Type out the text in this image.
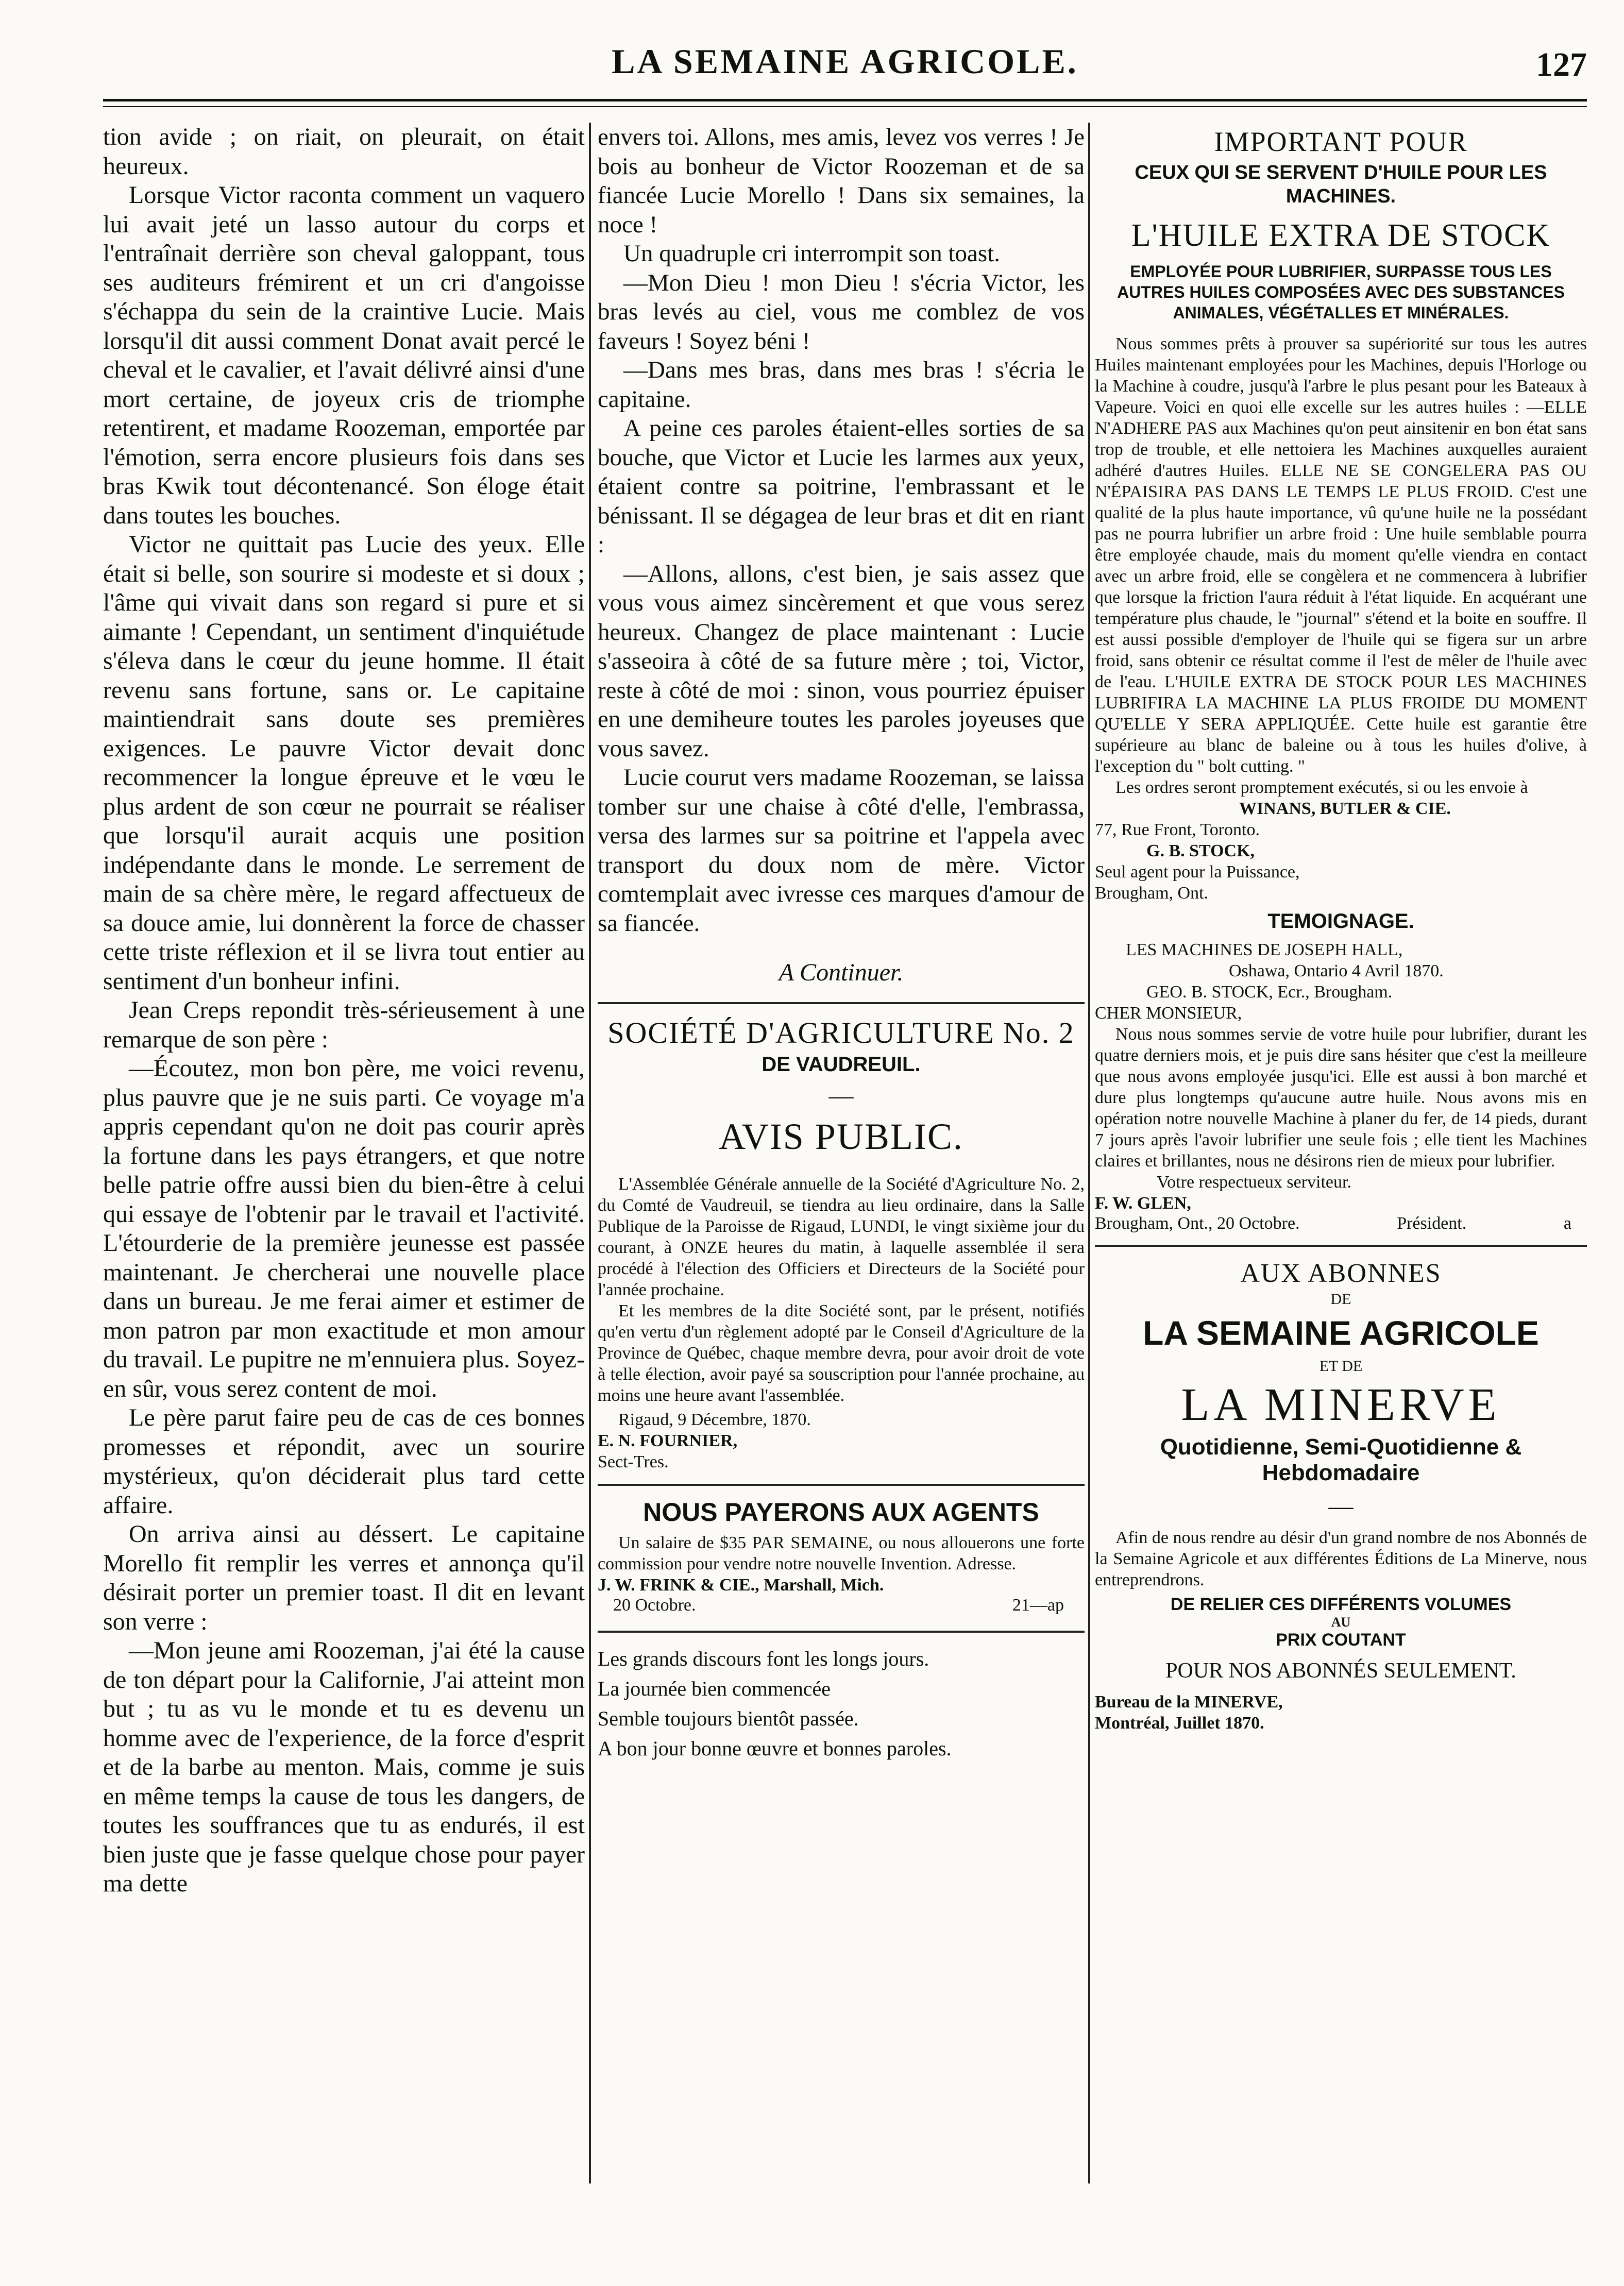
LA SEMAINE AGRICOLE.	127

tion avide ; on riait, on pleurait, on était heureux.

Lorsque Victor raconta comment un vaquero lui avait jeté un lasso autour du corps et l'entraînait derrière son cheval galoppant, tous ses auditeurs frémirent et un cri d'angoisse s'échappa du sein de la craintive Lucie. Mais lorsqu'il dit aussi comment Donat avait percé le cheval et le cavalier, et l'avait délivré ainsi d'une mort certaine, de joyeux cris de triomphe retentirent, et madame Roozeman, emportée par l'émotion, serra encore plusieurs fois dans ses bras Kwik tout décontenancé. Son éloge était dans toutes les bouches.

Victor ne quittait pas Lucie des yeux. Elle était si belle, son sourire si modeste et si doux ; l'âme qui vivait dans son regard si pure et si aimante ! Cependant, un sentiment d'inquiétude s'éleva dans le cœur du jeune homme. Il était revenu sans fortune, sans or. Le capitaine maintiendrait sans doute ses premières exigences. Le pauvre Victor devait donc recommencer la longue épreuve et le vœu le plus ardent de son cœur ne pourrait se réaliser que lorsqu'il aurait acquis une position indépendante dans le monde. Le serrement de main de sa chère mère, le regard affectueux de sa douce amie, lui donnèrent la force de chasser cette triste réflexion et il se livra tout entier au sentiment d'un bonheur infini.

Jean Creps repondit très-sérieusement à une remarque de son père :

—Écoutez, mon bon père, me voici revenu, plus pauvre que je ne suis parti. Ce voyage m'a appris cependant qu'on ne doit pas courir après la fortune dans les pays étrangers, et que notre belle patrie offre aussi bien du bien-être à celui qui essaye de l'obtenir par le travail et l'activité. L'étourderie de la première jeunesse est passée maintenant. Je chercherai une nouvelle place dans un bureau. Je me ferai aimer et estimer de mon patron par mon exactitude et mon amour du travail. Le pupitre ne m'ennuiera plus. Soyez-en sûr, vous serez content de moi.

Le père parut faire peu de cas de ces bonnes promesses et répondit, avec un sourire mystérieux, qu'on déciderait plus tard cette affaire.

On arriva ainsi au déssert. Le capitaine Morello fit remplir les verres et annonça qu'il désirait porter un premier toast. Il dit en levant son verre :

—Mon jeune ami Roozeman, j'ai été la cause de ton départ pour la Californie, J'ai atteint mon but ; tu as vu le monde et tu es devenu un homme avec de l'experience, de la force d'esprit et de la barbe au menton. Mais, comme je suis en même temps la cause de tous les dangers, de toutes les souffrances que tu as endurés, il est bien juste que je fasse quelque chose pour payer ma dette

envers toi. Allons, mes amis, levez vos verres ! Je bois au bonheur de Victor Roozeman et de sa fiancée Lucie Morello ! Dans six semaines, la noce !

Un quadruple cri interrompit son toast.

—Mon Dieu ! mon Dieu ! s'écria Victor, les bras levés au ciel, vous me comblez de vos faveurs ! Soyez béni !

—Dans mes bras, dans mes bras ! s'écria le capitaine.

A peine ces paroles étaient-elles sorties de sa bouche, que Victor et Lucie les larmes aux yeux, étaient contre sa poitrine, l'embrassant et le bénissant. Il se dégagea de leur bras et dit en riant :

—Allons, allons, c'est bien, je sais assez que vous vous aimez sincèrement et que vous serez heureux. Changez de place maintenant : Lucie s'asseoira à côté de sa future mère ; toi, Victor, reste à côté de moi : sinon, vous pourriez épuiser en une demiheure toutes les paroles joyeuses que vous savez.

Lucie courut vers madame Roozeman, se laissa tomber sur une chaise à côté d'elle, l'embrassa, versa des larmes sur sa poitrine et l'appela avec transport du doux nom de mère. Victor comtemplait avec ivresse ces marques d'amour de sa fiancée.

A Continuer.
SOCIÉTÉ D'AGRICULTURE No. 2
DE VAUDREUIL.
—
AVIS PUBLIC.

L'Assemblée Générale annuelle de la Société d'Agriculture No. 2, du Comté de Vaudreuil, se tiendra au lieu ordinaire, dans la Salle Publique de la Paroisse de Rigaud, LUNDI, le vingt sixième jour du courant, à ONZE heures du matin, à laquelle assemblée il sera procédé à l'élection des Officiers et Directeurs de la Société pour l'année prochaine.

Et les membres de la dite Société sont, par le présent, notifiés qu'en vertu d'un règlement adopté par le Conseil d'Agriculture de la Province de Québec, chaque membre devra, pour avoir droit de vote à telle élection, avoir payé sa souscription pour l'année prochaine, au moins une heure avant l'assemblée.

Rigaud, 9 Décembre, 1870.

E. N. FOURNIER,

Sect-Tres.

NOUS PAYERONS AUX AGENTS

Un salaire de $35 PAR SEMAINE, ou nous allouerons une forte commission pour vendre notre nouvelle Invention. Adresse.

J. W. FRINK & CIE., Marshall, Mich.

20 Octobre.	21—ap

Les grands discours font les longs jours.

La journée bien commencée

Semble toujours bientôt passée.

A bon jour bonne œuvre et bonnes paroles.

IMPORTANT POUR
CEUX QUI SE SERVENT D'HUILE POUR LES MACHINES.
L'HUILE EXTRA DE STOCK
EMPLOYÉE POUR LUBRIFIER, SURPASSE TOUS LES AUTRES HUILES COMPOSÉES AVEC DES SUBSTANCES ANIMALES, VÉGÉTALLES ET MINÉRALES.

Nous sommes prêts à prouver sa supériorité sur tous les autres Huiles maintenant employées pour les Machines, depuis l'Horloge ou la Machine à coudre, jusqu'à l'arbre le plus pesant pour les Bateaux à Vapeure. Voici en quoi elle excelle sur les autres huiles : —ELLE N'ADHERE PAS aux Machines qu'on peut ainsitenir en bon état sans trop de trouble, et elle nettoiera les Machines auxquelles auraient adhéré d'autres Huiles. ELLE NE SE CONGELERA PAS OU N'ÉPAISIRA PAS DANS LE TEMPS LE PLUS FROID. C'est une qualité de la plus haute importance, vû qu'une huile ne la possédant pas ne pourra lubrifier un arbre froid : Une huile semblable pourra être employée chaude, mais du moment qu'elle viendra en contact avec un arbre froid, elle se congèlera et ne commencera à lubrifier que lorsque la friction l'aura réduit à l'état liquide. En acquérant une température plus chaude, le "journal" s'étend et la boite en souffre. Il est aussi possible d'employer de l'huile qui se figera sur un arbre froid, sans obtenir ce résultat comme il l'est de mêler de l'huile avec de l'eau. L'HUILE EXTRA DE STOCK POUR LES MACHINES LUBRIFIRA LA MACHINE LA PLUS FROIDE DU MOMENT QU'ELLE Y SERA APPLIQUÉE. Cette huile est garantie être supérieure au blanc de baleine ou à tous les huiles d'olive, à l'exception du " bolt cutting. "

Les ordres seront promptement exécutés, si ou les envoie à

WINANS, BUTLER & CIE.

77, Rue Front, Toronto.

G. B. STOCK,

Seul agent pour la Puissance,

Brougham, Ont.

TEMOIGNAGE.

LES MACHINES DE JOSEPH HALL,

Oshawa, Ontario 4 Avril 1870.

GEO. B. STOCK, Ecr., Brougham.

CHER MONSIEUR,

Nous nous sommes servie de votre huile pour lubrifier, durant les quatre derniers mois, et je puis dire sans hésiter que c'est la meilleure que nous avons employée jusqu'ici. Elle est aussi à bon marché et dure plus longtemps qu'aucune autre huile. Nous avons mis en opération notre nouvelle Machine à planer du fer, de 14 pieds, durant 7 jours après l'avoir lubrifier une seule fois ; elle tient les Machines claires et brillantes, nous ne désirons rien de mieux pour lubrifier.

Votre respectueux serviteur.

F. W. GLEN,

Brougham, Ont., 20 Octobre.	Président.	a
AUX ABONNES
DE
LA SEMAINE AGRICOLE
ET DE
LA MINERVE
Quotidienne, Semi-Quotidienne & Hebdomadaire
—

Afin de nous rendre au désir d'un grand nombre de nos Abonnés de la Semaine Agricole et aux différentes Éditions de La Minerve, nous entreprendrons.

DE RELIER CES DIFFÉRENTS VOLUMES
AU
PRIX COUTANT
POUR NOS ABONNÉS SEULEMENT.

Bureau de la MINERVE,

Montréal, Juillet 1870.
